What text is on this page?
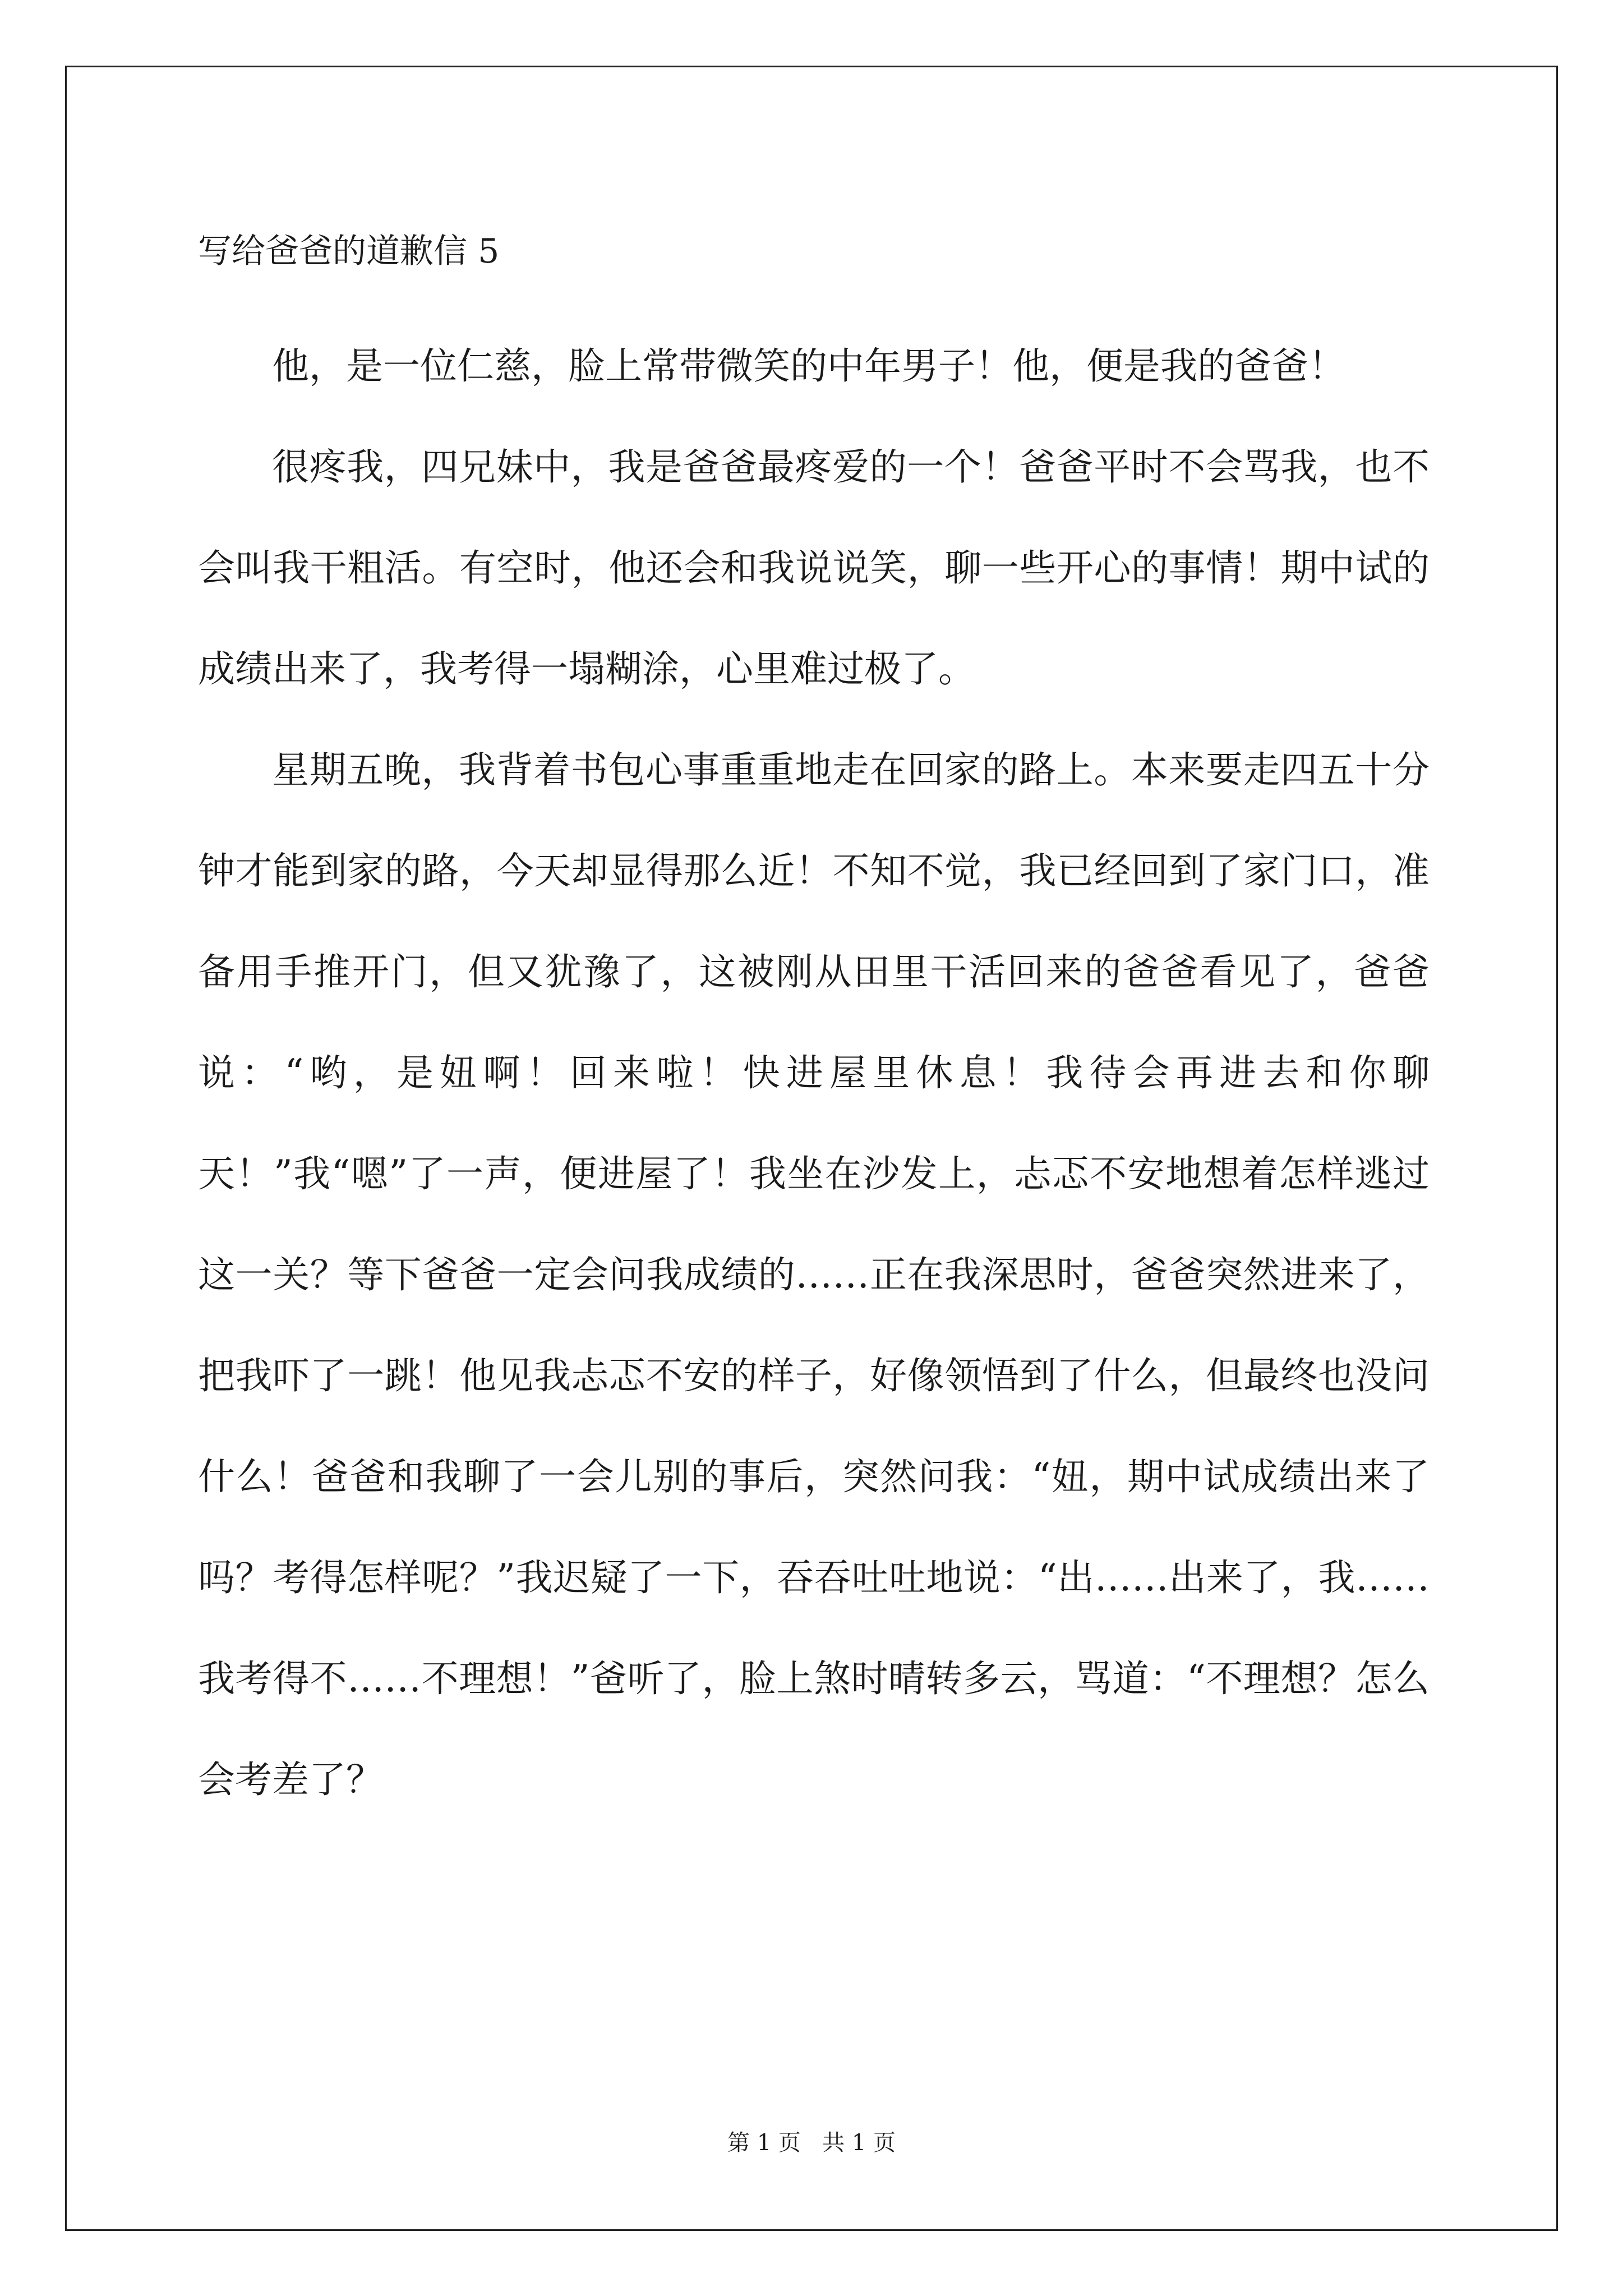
写给爸爸的道歉信 5

他，是一位仁慈，脸上常带微笑的中年男子！他，便是我的爸爸！

很疼我，四兄妹中，我是爸爸最疼爱的一个！爸爸平时不会骂我，也不会叫我干粗活。有空时，他还会和我说说笑，聊一些开心的事情！期中试的成绩出来了，我考得一塌糊涂，心里难过极了。

星期五晚，我背着书包心事重重地走在回家的路上。本来要走四五十分钟才能到家的路，今天却显得那么近！不知不觉，我已经回到了家门口，准备用手推开门，但又犹豫了，这被刚从田里干活回来的爸爸看见了，爸爸说：“哟，是妞啊！回来啦！快进屋里休息！我待会再进去和你聊天！”我“嗯”了一声，便进屋了！我坐在沙发上，忐忑不安地想着怎样逃过这一关？等下爸爸一定会问我成绩的……正在我深思时，爸爸突然进来了，把我吓了一跳！他见我忐忑不安的样子，好像领悟到了什么，但最终也没问什么！爸爸和我聊了一会儿别的事后，突然问我：“妞，期中试成绩出来了吗？考得怎样呢？”我迟疑了一下，吞吞吐吐地说：“出……出来了，我……我考得不……不理想！”爸听了，脸上煞时晴转多云，骂道：“不理想？怎么会考差了？

第 1 页   共 1 页
